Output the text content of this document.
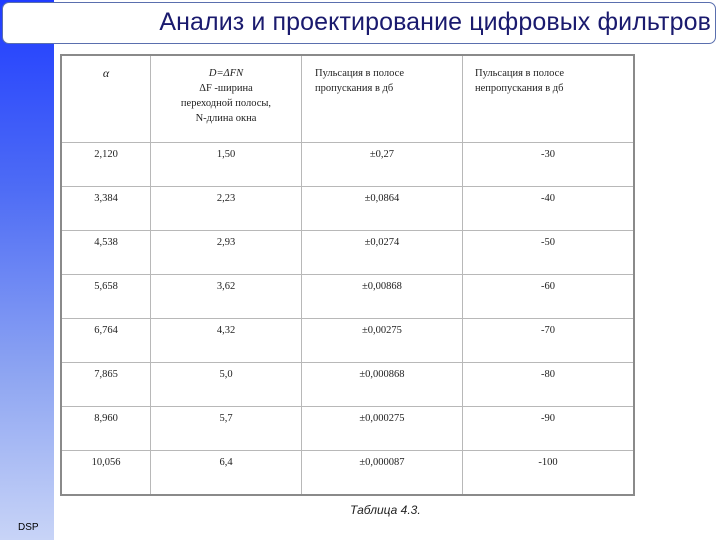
DSP
Анализ и проектирование цифровых фильтров
α	D=ΔFN
ΔF -ширина
переходной полосы,
N-длина окна	Пульсация в полосе пропускания в дб	Пульсация в полосе непропускания в дб

2,120	1,50	±0,27	-30

3,384	2,23	±0,0864	-40

4,538	2,93	±0,0274	-50

5,658	3,62	±0,00868	-60

6,764	4,32	±0,00275	-70

7,865	5,0	±0,000868	-80

8,960	5,7	±0,000275	-90

10,056	6,4	±0,000087	-100
Таблица 4.3.
